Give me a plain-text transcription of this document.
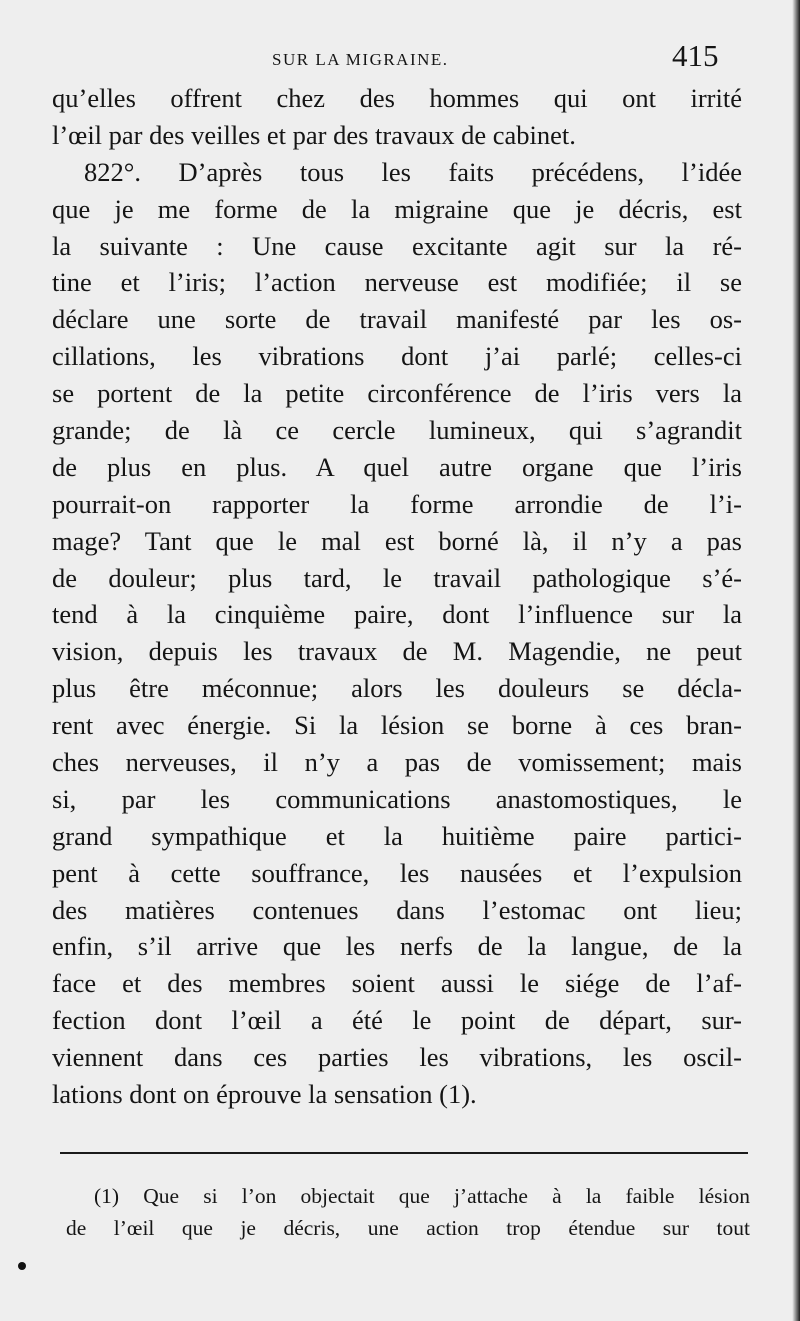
SUR LA MIGRAINE.	415
qu’elles offrent chez des hommes qui ont irrité
l’œil par des veilles et par des travaux de cabinet.
822°. D’après tous les faits précédens, l’idée
que je me forme de la migraine que je décris, est
la suivante : Une cause excitante agit sur la ré-
tine et l’iris; l’action nerveuse est modifiée; il se
déclare une sorte de travail manifesté par les os-
cillations, les vibrations dont j’ai parlé; celles-ci
se portent de la petite circonférence de l’iris vers la
grande; de là ce cercle lumineux, qui s’agrandit
de plus en plus. A quel autre organe que l’iris
pourrait-on rapporter la forme arrondie de l’i-
mage? Tant que le mal est borné là, il n’y a pas
de douleur; plus tard, le travail pathologique s’é-
tend à la cinquième paire, dont l’influence sur la
vision, depuis les travaux de M. Magendie, ne peut
plus être méconnue; alors les douleurs se décla-
rent avec énergie. Si la lésion se borne à ces bran-
ches nerveuses, il n’y a pas de vomissement; mais
si, par les communications anastomostiques, le
grand sympathique et la huitième paire partici-
pent à cette souffrance, les nausées et l’expulsion
des matières contenues dans l’estomac ont lieu;
enfin, s’il arrive que les nerfs de la langue, de la
face et des membres soient aussi le siége de l’af-
fection dont l’œil a été le point de départ, sur-
viennent dans ces parties les vibrations, les oscil-
lations dont on éprouve la sensation (1).
(1) Que si l’on objectait que j’attache à la faible lésion
de l’œil que je décris, une action trop étendue sur tout
